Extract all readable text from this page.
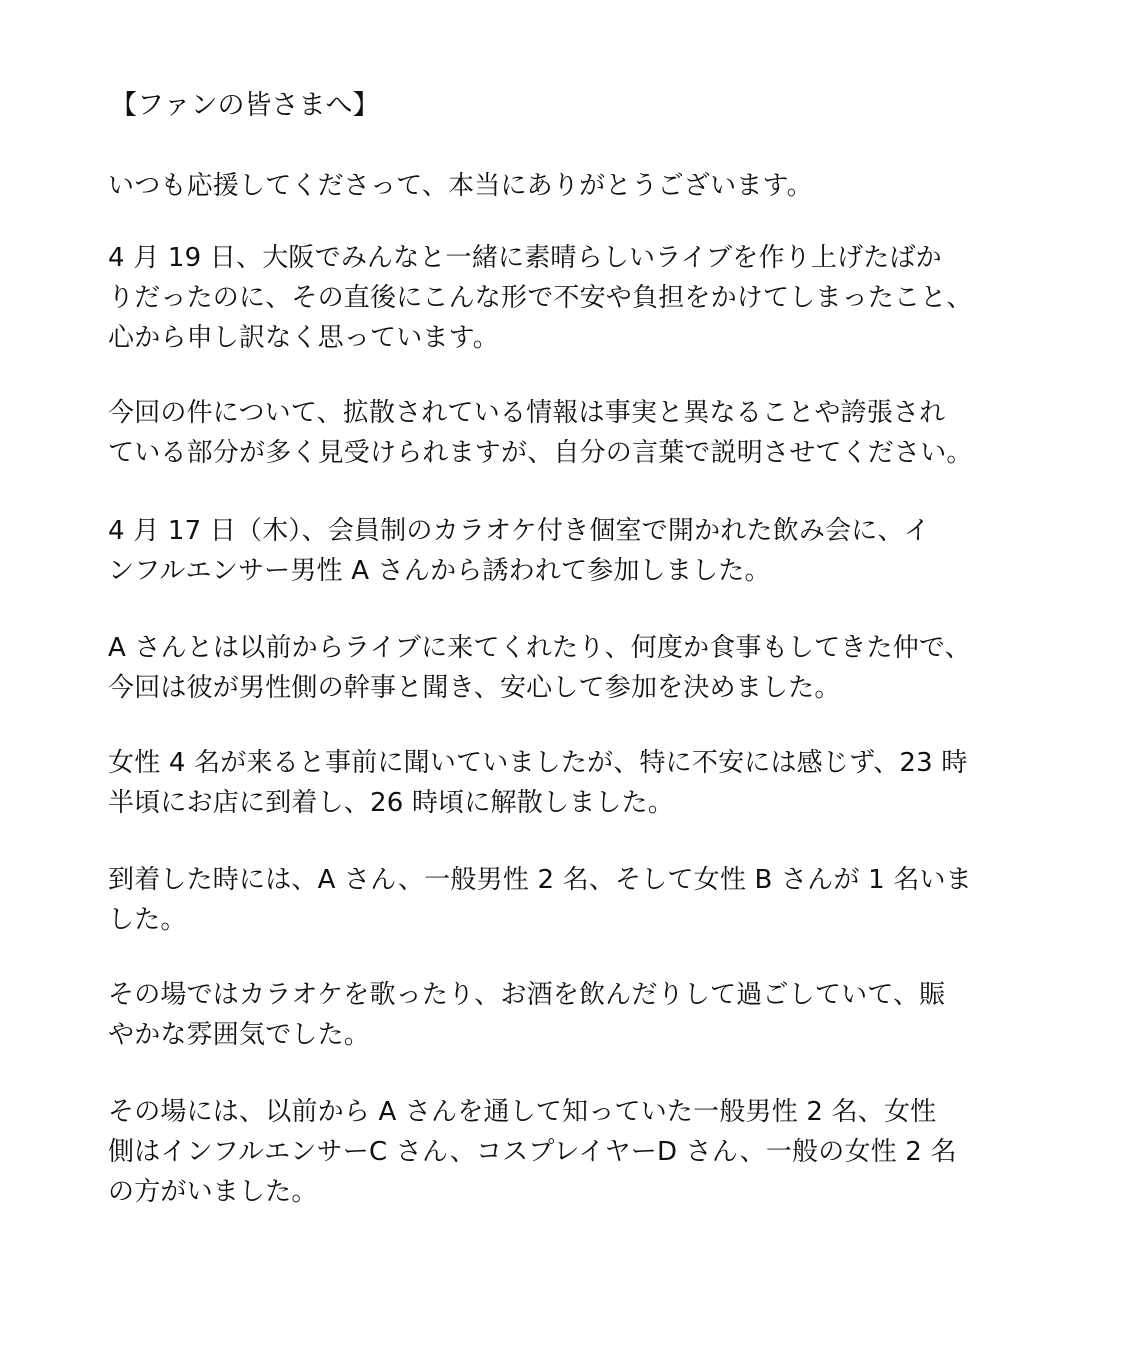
【ファンの皆さまへ】

いつも応援してくださって、本当にありがとうございます。

4 月 19 日、大阪でみんなと一緒に素晴らしいライブを作り上げたばか
りだったのに、その直後にこんな形で不安や負担をかけてしまったこと、
心から申し訳なく思っています。

今回の件について、拡散されている情報は事実と異なることや誇張され
ている部分が多く見受けられますが、自分の言葉で説明させてください。

4 月 17 日（木）、会員制のカラオケ付き個室で開かれた飲み会に、イ
ンフルエンサー男性 A さんから誘われて参加しました。

A さんとは以前からライブに来てくれたり、何度か食事もしてきた仲で、
今回は彼が男性側の幹事と聞き、安心して参加を決めました。

女性 4 名が来ると事前に聞いていましたが、特に不安には感じず、23 時
半頃にお店に到着し、26 時頃に解散しました。

到着した時には、A さん、一般男性 2 名、そして女性 B さんが 1 名いま
した。

その場ではカラオケを歌ったり、お酒を飲んだりして過ごしていて、賑
やかな雰囲気でした。

その場には、以前から A さんを通して知っていた一般男性 2 名、女性
側はインフルエンサーC さん、コスプレイヤーD さん、一般の女性 2 名
の方がいました。
